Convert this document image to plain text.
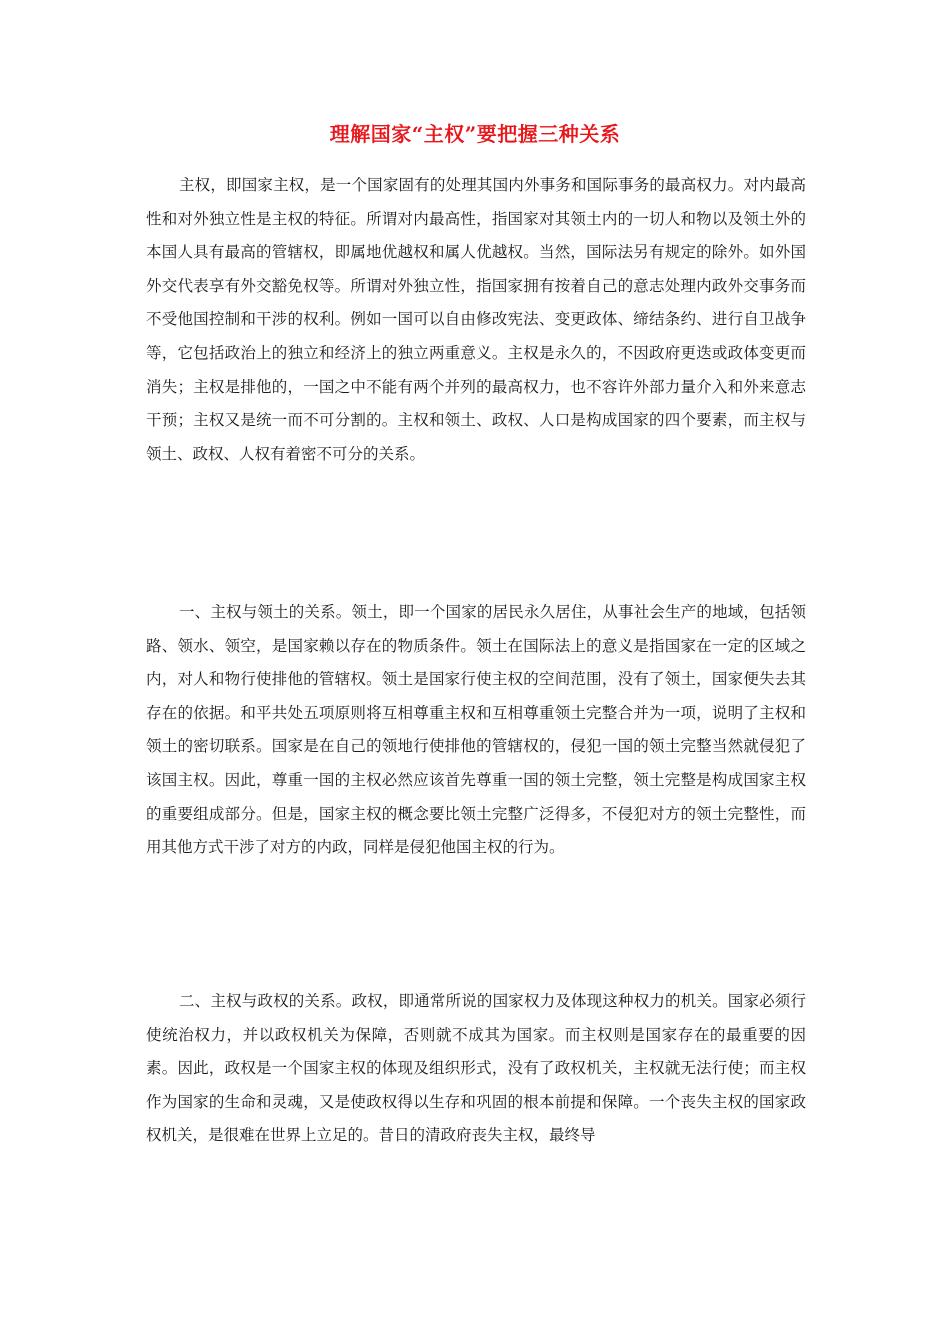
理解国家“主权”要把握三种关系

主权，即国家主权，是一个国家固有的处理其国内外事务和国际事务的最高权力。对内最高性和对外独立性是主权的特征。所谓对内最高性，指国家对其领土内的一切人和物以及领土外的本国人具有最高的管辖权，即属地优越权和属人优越权。当然，国际法另有规定的除外。如外国外交代表享有外交豁免权等。所谓对外独立性，指国家拥有按着自己的意志处理内政外交事务而不受他国控制和干涉的权利。例如一国可以自由修改宪法、变更政体、缔结条约、进行自卫战争等，它包括政治上的独立和经济上的独立两重意义。主权是永久的，不因政府更迭或政体变更而消失；主权是排他的，一国之中不能有两个并列的最高权力，也不容许外部力量介入和外来意志干预；主权又是统一而不可分割的。主权和领土、政权、人口是构成国家的四个要素，而主权与领土、政权、人权有着密不可分的关系。

一、主权与领土的关系。领土，即一个国家的居民永久居住，从事社会生产的地域，包括领路、领水、领空，是国家赖以存在的物质条件。领土在国际法上的意义是指国家在一定的区域之内，对人和物行使排他的管辖权。领土是国家行使主权的空间范围，没有了领土，国家便失去其存在的依据。和平共处五项原则将互相尊重主权和互相尊重领土完整合并为一项，说明了主权和领土的密切联系。国家是在自己的领地行使排他的管辖权的，侵犯一国的领土完整当然就侵犯了该国主权。因此，尊重一国的主权必然应该首先尊重一国的领土完整，领土完整是构成国家主权的重要组成部分。但是，国家主权的概念要比领土完整广泛得多，不侵犯对方的领土完整性，而用其他方式干涉了对方的内政，同样是侵犯他国主权的行为。

二、主权与政权的关系。政权，即通常所说的国家权力及体现这种权力的机关。国家必须行使统治权力，并以政权机关为保障，否则就不成其为国家。而主权则是国家存在的最重要的因素。因此，政权是一个国家主权的体现及组织形式，没有了政权机关，主权就无法行使；而主权作为国家的生命和灵魂，又是使政权得以生存和巩固的根本前提和保障。一个丧失主权的国家政权机关，是很难在世界上立足的。昔日的清政府丧失主权，最终导
